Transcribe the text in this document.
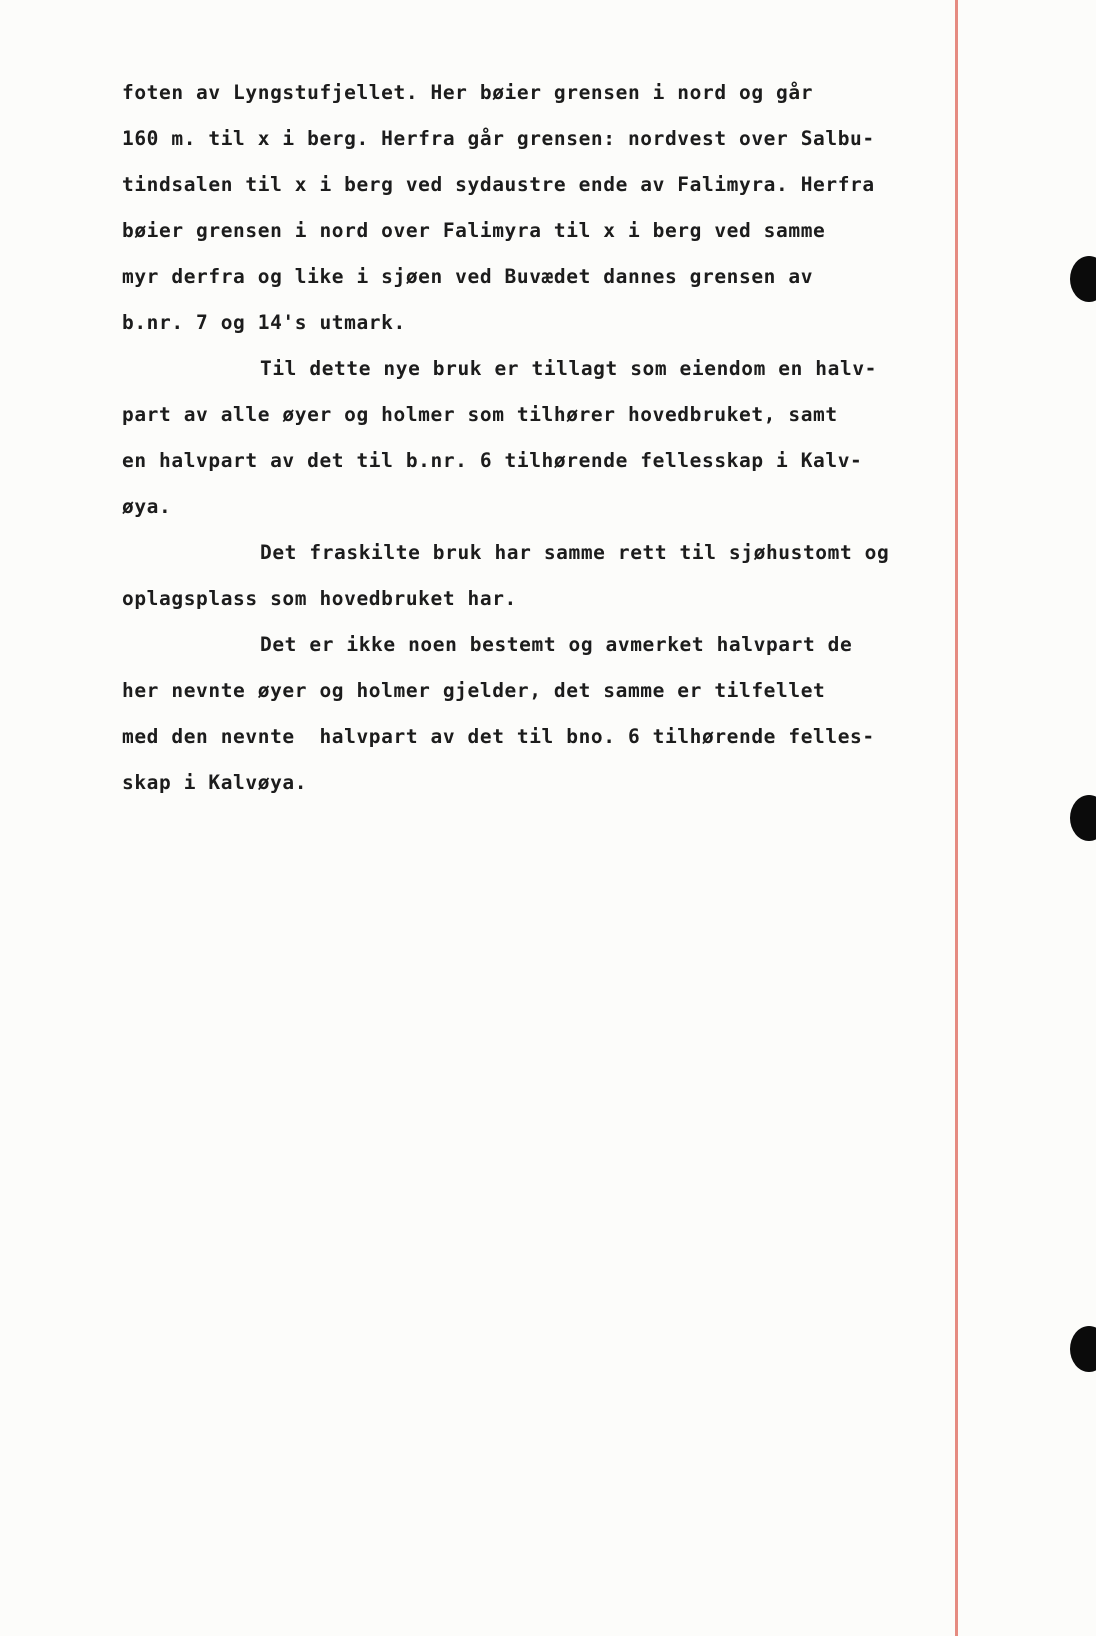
foten av Lyngstufjellet. Her bøier grensen i nord og går
160 m. til x i berg. Herfra går grensen: nordvest over Salbu-
tindsalen til x i berg ved sydaustre ende av Falimyra. Herfra
bøier grensen i nord over Falimyra til x i berg ved samme
myr derfra og like i sjøen ved Buvædet dannes grensen av
b.nr. 7 og 14's utmark.
Til dette nye bruk er tillagt som eiendom en halv-
part av alle øyer og holmer som tilhører hovedbruket, samt
en halvpart av det til b.nr. 6 tilhørende fellesskap i Kalv-
øya.
Det fraskilte bruk har samme rett til sjøhustomt og
oplagsplass som hovedbruket har.
Det er ikke noen bestemt og avmerket halvpart de
her nevnte øyer og holmer gjelder, det samme er tilfellet
med den nevnte  halvpart av det til bno. 6 tilhørende felles-
skap i Kalvøya.
